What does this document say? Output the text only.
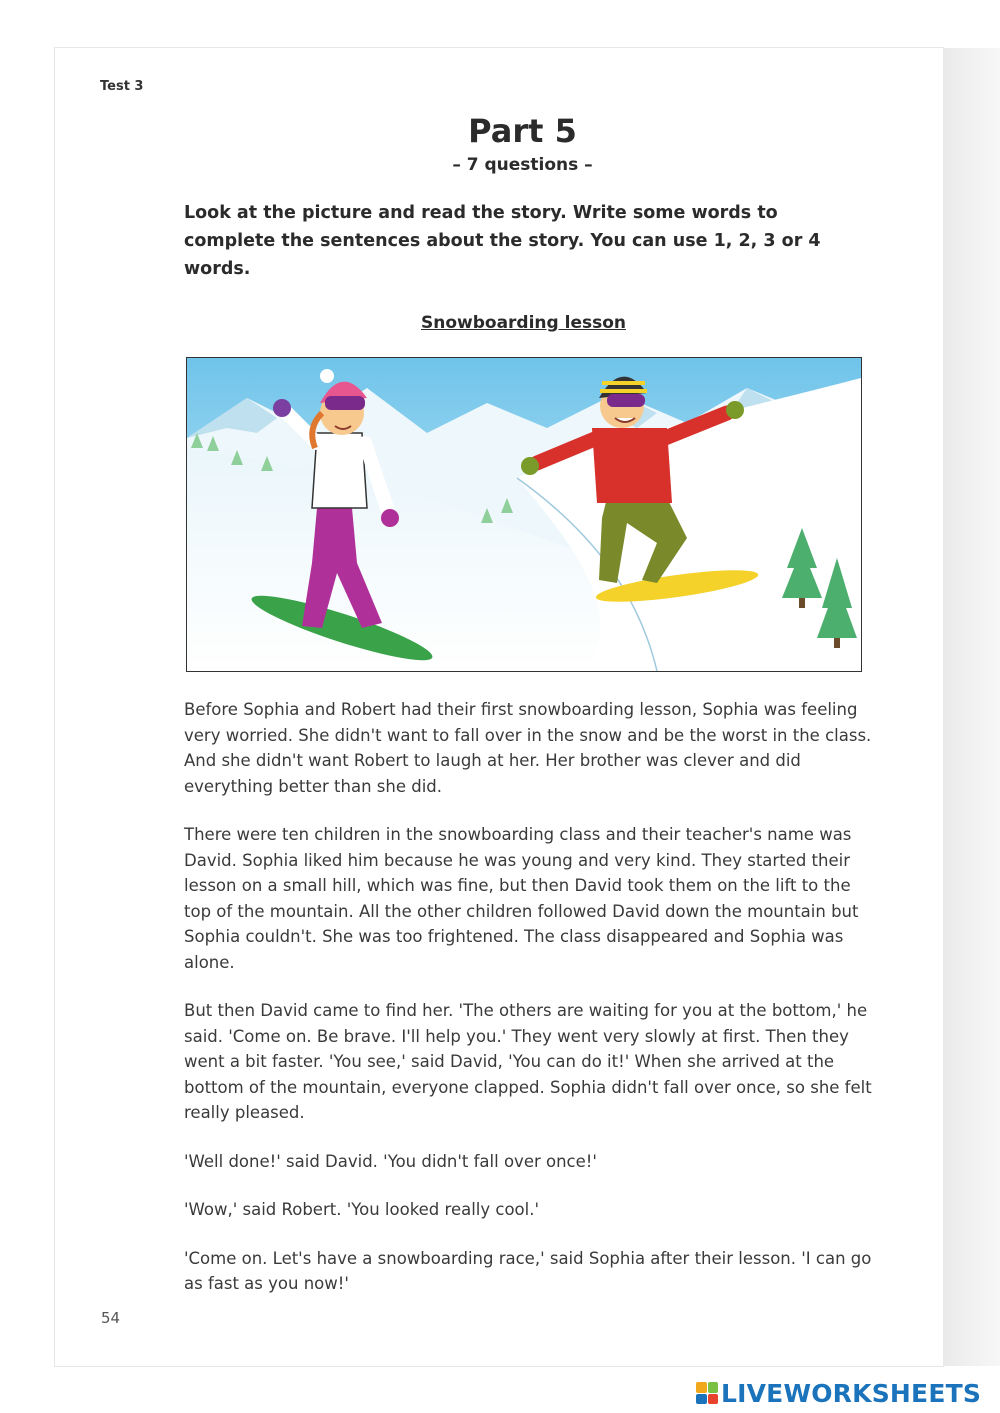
Test 3
Part 5
– 7 questions –
Look at the picture and read the story. Write some words to complete the sentences about the story. You can use 1, 2, 3 or 4 words.
Snowboarding lesson

Before Sophia and Robert had their first snowboarding lesson, Sophia was feeling very worried. She didn't want to fall over in the snow and be the worst in the class. And she didn't want Robert to laugh at her. Her brother was clever and did everything better than she did.

There were ten children in the snowboarding class and their teacher's name was David. Sophia liked him because he was young and very kind. They started their lesson on a small hill, which was fine, but then David took them on the lift to the top of the mountain. All the other children followed David down the mountain but Sophia couldn't. She was too frightened. The class disappeared and Sophia was alone.

But then David came to find her. 'The others are waiting for you at the bottom,' he said. 'Come on. Be brave. I'll help you.' They went very slowly at first. Then they went a bit faster. 'You see,' said David, 'You can do it!' When she arrived at the bottom of the mountain, everyone clapped. Sophia didn't fall over once, so she felt really pleased.

'Well done!' said David. 'You didn't fall over once!'

'Wow,' said Robert. 'You looked really cool.'

'Come on. Let's have a snowboarding race,' said Sophia after their lesson. 'I can go as fast as you now!'

54
LIVEWORKSHEETS
